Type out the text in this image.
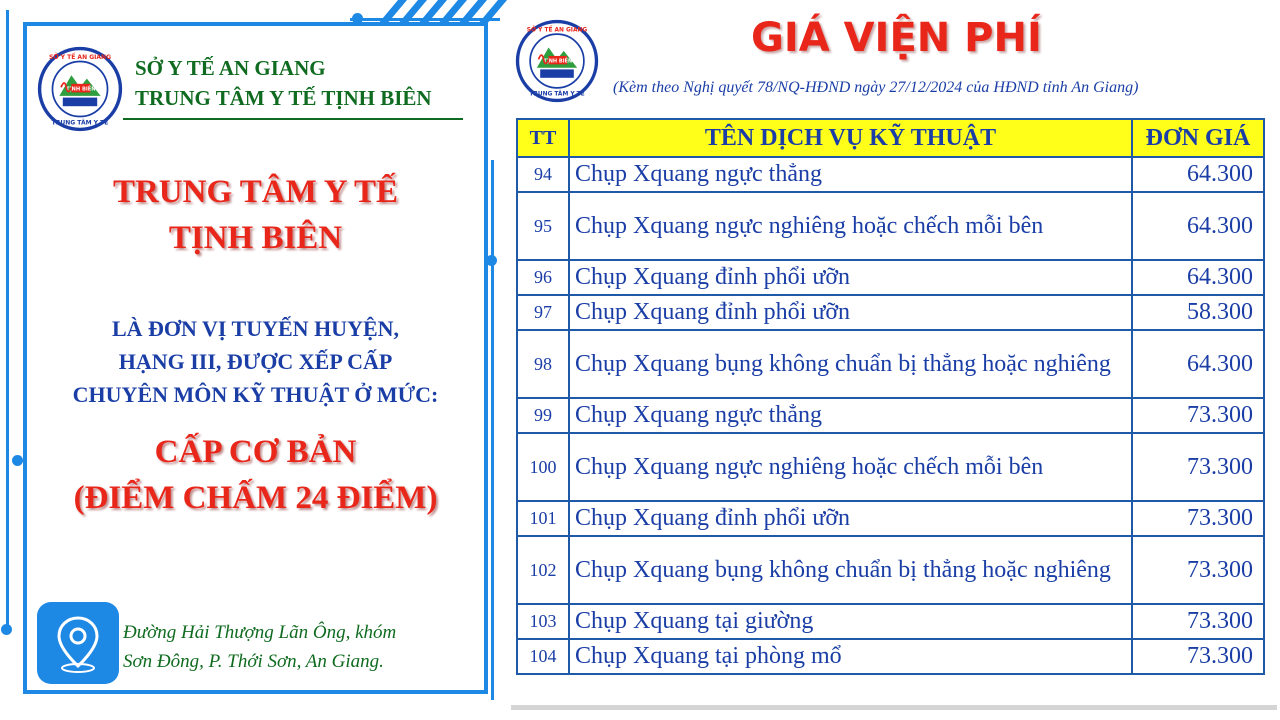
TỊNH BIÊN
SỞ Y TẾ AN GIANG
TRUNG TÂM Y TẾ
SỞ Y TẾ AN GIANG
TRUNG TÂM Y TẾ TỊNH BIÊN
TRUNG TÂM Y TẾ
TỊNH BIÊN
LÀ ĐƠN VỊ TUYẾN HUYỆN,
HẠNG III, ĐƯỢC XẾP CẤP
CHUYÊN MÔN KỸ THUẬT Ở MỨC:
CẤP CƠ BẢN
(ĐIỂM CHẤM 24 ĐIỂM)
Đường Hải Thượng Lãn Ông, khóm
Sơn Đông, P. Thới Sơn, An Giang.
TỊNH BIÊN
SỞ Y TẾ AN GIANG
TRUNG TÂM Y TẾ
GIÁ VIỆN PHÍ
(Kèm theo Nghị quyết 78/NQ-HĐND ngày 27/12/2024 của HĐND tỉnh An Giang)
TT	TÊN DỊCH VỤ KỸ THUẬT	ĐƠN GIÁ
94	Chụp Xquang ngực thẳng	64.300
95	Chụp Xquang ngực nghiêng hoặc chếch mỗi bên	64.300
96	Chụp Xquang đỉnh phổi ưỡn	64.300
97	Chụp Xquang đỉnh phổi ưỡn	58.300
98	Chụp Xquang bụng không chuẩn bị thẳng hoặc nghiêng	64.300
99	Chụp Xquang ngực thẳng	73.300
100	Chụp Xquang ngực nghiêng hoặc chếch mỗi bên	73.300
101	Chụp Xquang đỉnh phổi ưỡn	73.300
102	Chụp Xquang bụng không chuẩn bị thẳng hoặc nghiêng	73.300
103	Chụp Xquang tại giường	73.300
104	Chụp Xquang tại phòng mổ	73.300
